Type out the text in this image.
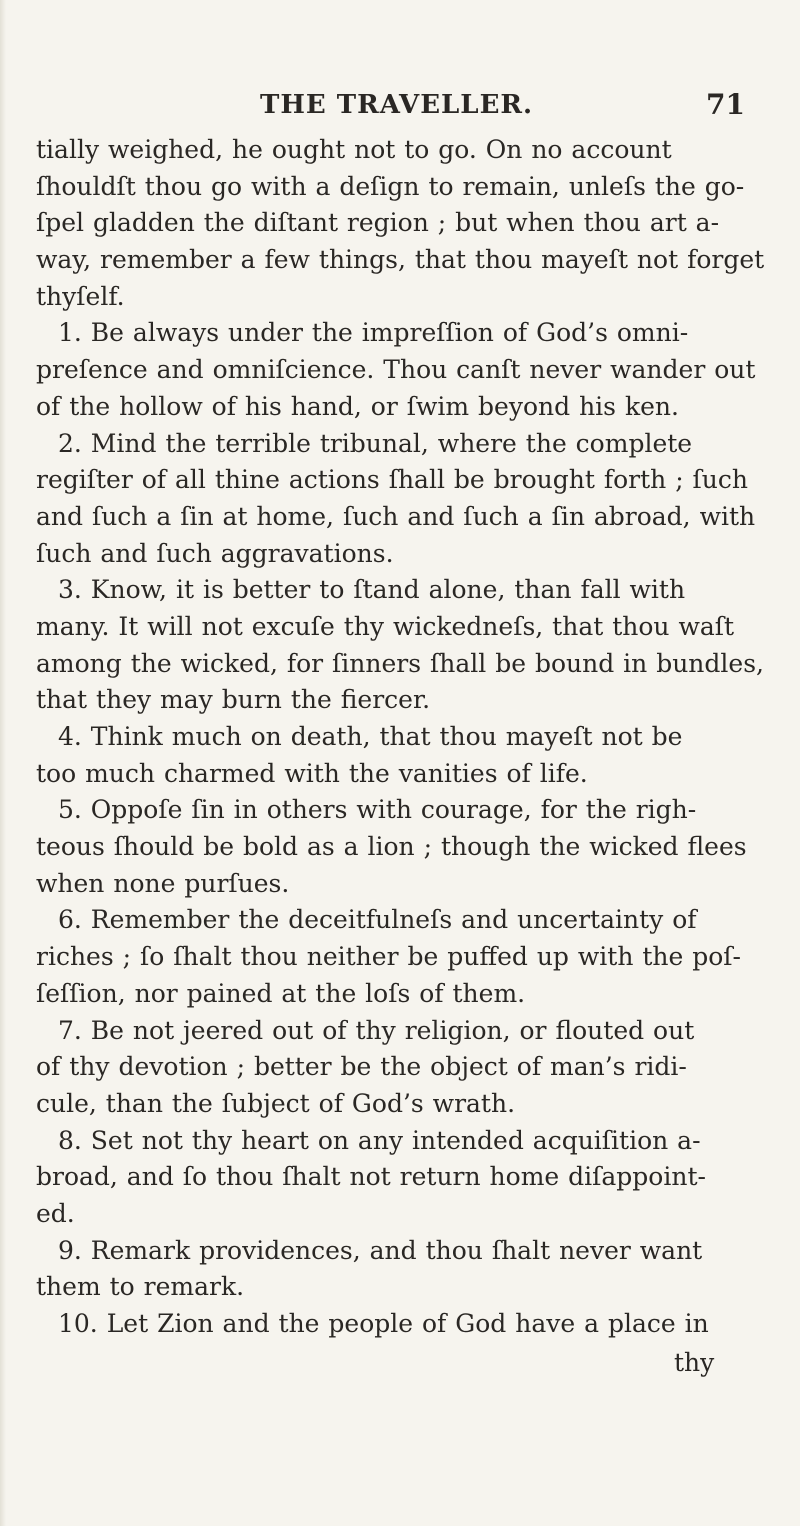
THE TRAVELLER.	71
tially weighed, he ought not to go. On no account
ſhouldſt thou go with a deſign to remain, unleſs the go-
ſpel gladden the diſtant region ; but when thou art a-
way, remember a few things, that thou mayeſt not forget
thyſelf.
1. Be always under the impreſſion of God’s omni-
preſence and omniſcience. Thou canſt never wander out
of the hollow of his hand, or ſwim beyond his ken.
2. Mind the terrible tribunal, where the complete
regiſter of all thine actions ſhall be brought forth ; ſuch
and ſuch a ſin at home, ſuch and ſuch a ſin abroad, with
ſuch and ſuch aggravations.
3. Know, it is better to ſtand alone, than fall with
many. It will not excuſe thy wickedneſs, that thou waſt
among the wicked, for ſinners ſhall be bound in bundles,
that they may burn the fiercer.
4. Think much on death, that thou mayeſt not be
too much charmed with the vanities of life.
5. Oppoſe ſin in others with courage, for the righ-
teous ſhould be bold as a lion ; though the wicked flees
when none purſues.
6. Remember the deceitfulneſs and uncertainty of
riches ; ſo ſhalt thou neither be puffed up with the poſ-
ſeſſion, nor pained at the loſs of them.
7. Be not jeered out of thy religion, or flouted out
of thy devotion ; better be the object of man’s ridi-
cule, than the ſubject of God’s wrath.
8. Set not thy heart on any intended acquiſition a-
broad, and ſo thou ſhalt not return home diſappoint-
ed.
9. Remark providences, and thou ſhalt never want
them to remark.
10. Let Zion and the people of God have a place in
thy
